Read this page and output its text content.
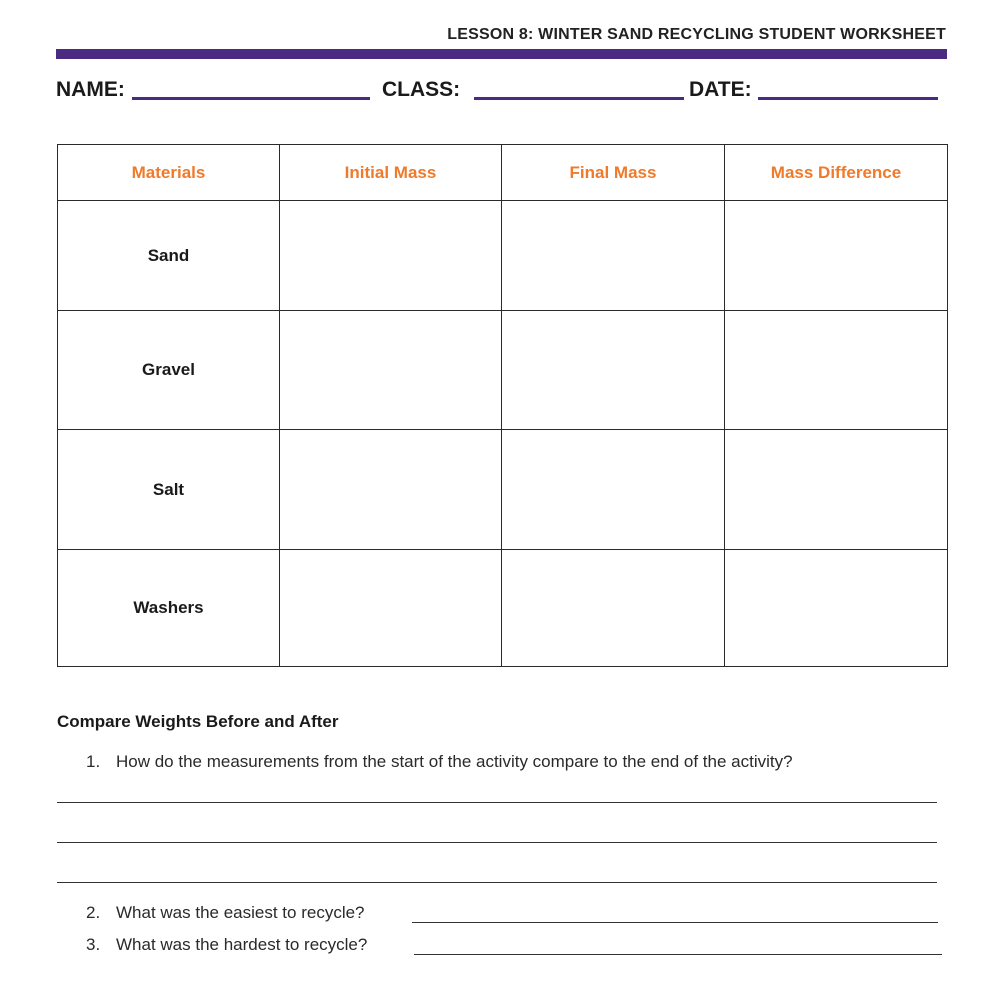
LESSON 8: WINTER SAND RECYCLING STUDENT WORKSHEET
NAME:	CLASS:	DATE:
Materials	Initial Mass	Final Mass	Mass Difference
Sand			
Gravel			
Salt			
Washers			
Compare Weights Before and After
1. How do the measurements from the start of the activity compare to the end of the activity?
2. What was the easiest to recycle?
3. What was the hardest to recycle?
